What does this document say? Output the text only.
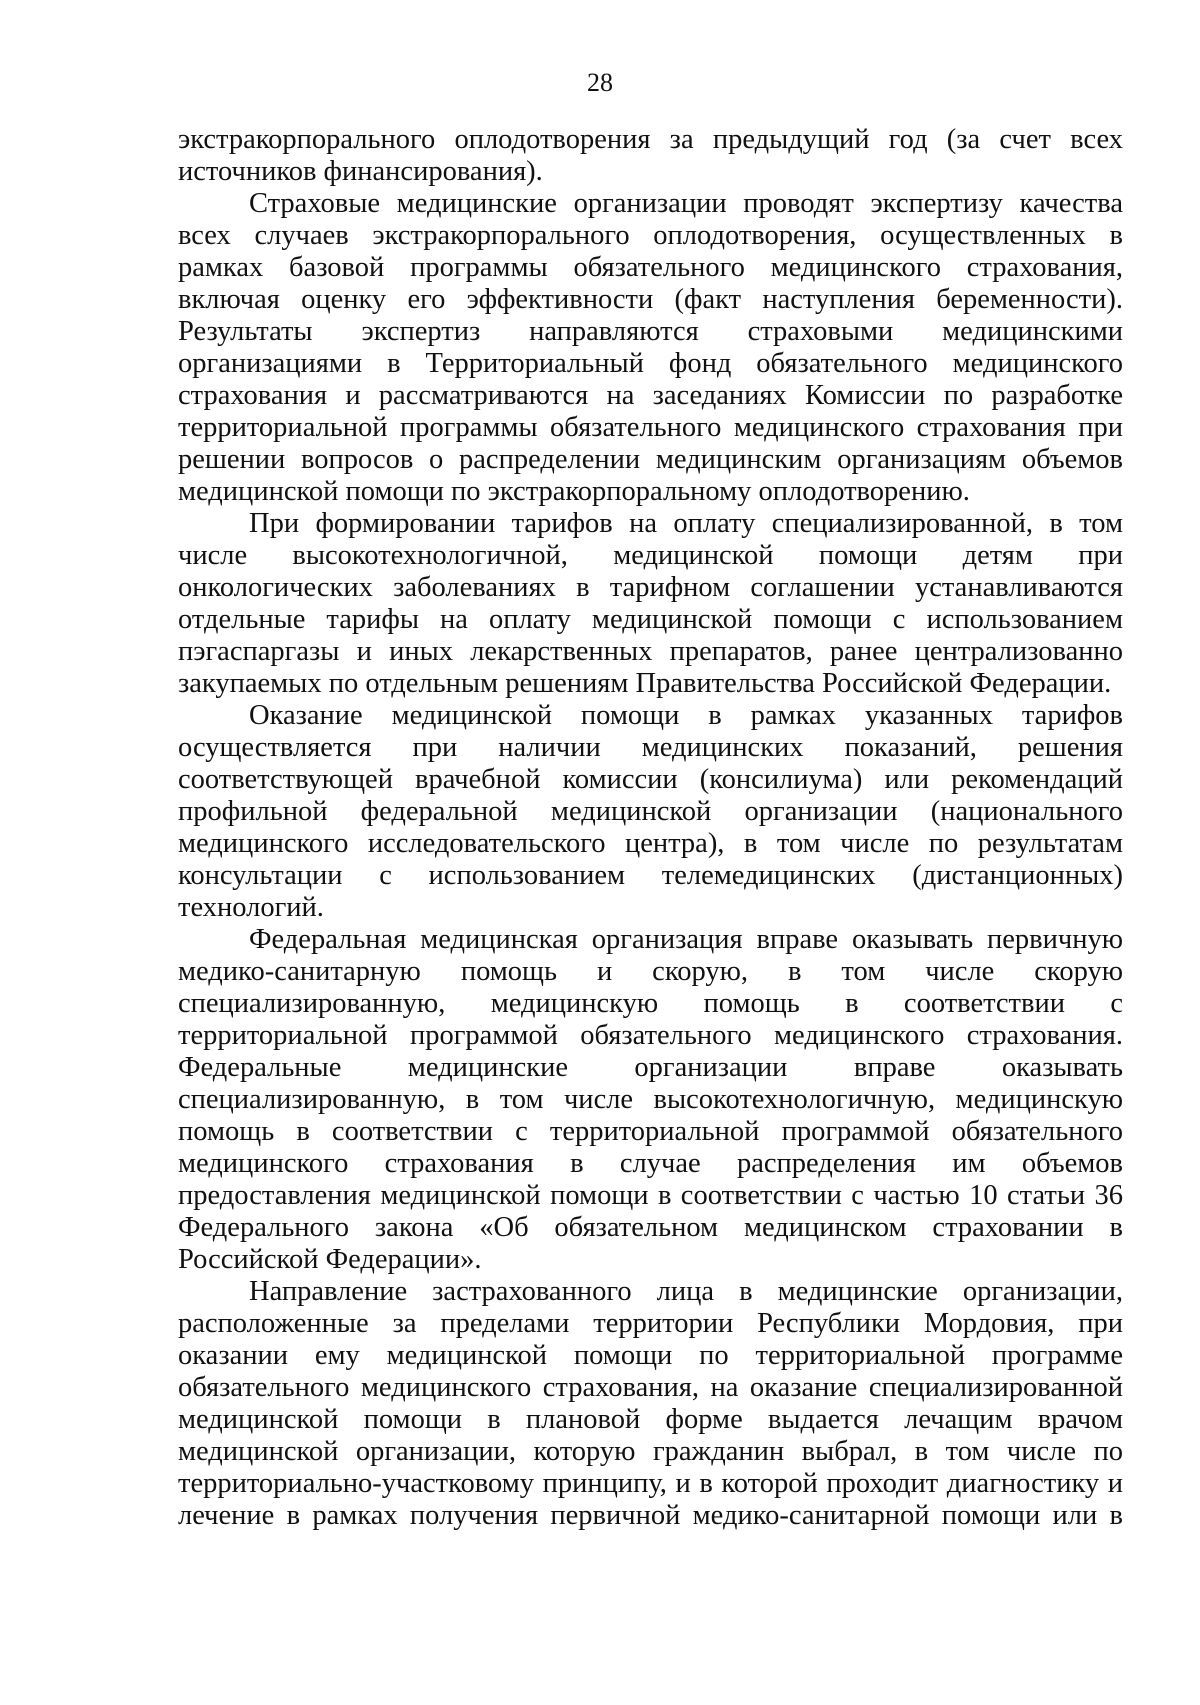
28
экстракорпорального оплодотворения за предыдущий год (за счет всех
источников финансирования).
Страховые медицинские организации проводят экспертизу качества
всех случаев экстракорпорального оплодотворения, осуществленных в
рамках базовой программы обязательного медицинского страхования,
включая оценку его эффективности (факт наступления беременности).
Результаты экспертиз направляются страховыми медицинскими
организациями в Территориальный фонд обязательного медицинского
страхования и рассматриваются на заседаниях Комиссии по разработке
территориальной программы обязательного медицинского страхования при
решении вопросов о распределении медицинским организациям объемов
медицинской помощи по экстракорпоральному оплодотворению.
При формировании тарифов на оплату специализированной, в том
числе высокотехнологичной, медицинской помощи детям при
онкологических заболеваниях в тарифном соглашении устанавливаются
отдельные тарифы на оплату медицинской помощи с использованием
пэгаспаргазы и иных лекарственных препаратов, ранее централизованно
закупаемых по отдельным решениям Правительства Российской Федерации.
Оказание медицинской помощи в рамках указанных тарифов
осуществляется при наличии медицинских показаний, решения
соответствующей врачебной комиссии (консилиума) или рекомендаций
профильной федеральной медицинской организации (национального
медицинского исследовательского центра), в том числе по результатам
консультации с использованием телемедицинских (дистанционных)
технологий.
Федеральная медицинская организация вправе оказывать первичную
медико-санитарную помощь и скорую, в том числе скорую
специализированную, медицинскую помощь в соответствии с
территориальной программой обязательного медицинского страхования.
Федеральные медицинские организации вправе оказывать
специализированную, в том числе высокотехнологичную, медицинскую
помощь в соответствии с территориальной программой обязательного
медицинского страхования в случае распределения им объемов
предоставления медицинской помощи в соответствии с частью 10 статьи 36
Федерального закона «Об обязательном медицинском страховании в
Российской Федерации».
Направление застрахованного лица в медицинские организации,
расположенные за пределами территории Республики Мордовия, при
оказании ему медицинской помощи по территориальной программе
обязательного медицинского страхования, на оказание специализированной
медицинской помощи в плановой форме выдается лечащим врачом
медицинской организации, которую гражданин выбрал, в том числе по
территориально-участковому принципу, и в которой проходит диагностику и
лечение в рамках получения первичной медико-санитарной помощи или в
